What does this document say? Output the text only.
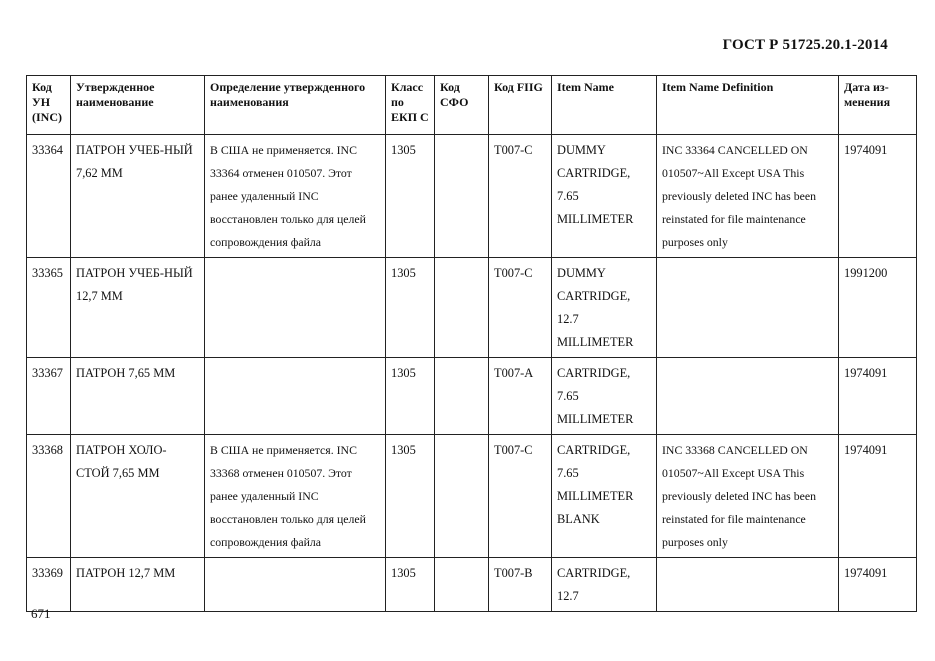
ГОСТ Р 51725.20.1-2014
Код УН (INC)	Утвержденное наименование	Определение утвержденного наименования	Класс по ЕКП С	Код СФО	Код FIIG	Item Name	Item Name Definition	Дата из-менения
33364	ПАТРОН УЧЕБ-НЫЙ 7,62 ММ	В США не применяется. INC 33364 отменен 010507. Этот ранее удаленный INC восстановлен только для целей сопровождения файла	1305		T007-C	DUMMY CARTRIDGE, 7.65 MILLIMETER	INC 33364 CANCELLED ON 010507~All Except USA This previously deleted INC has been reinstated for file maintenance purposes only	1974091
33365	ПАТРОН УЧЕБ-НЫЙ 12,7 ММ		1305		T007-C	DUMMY CARTRIDGE, 12.7 MILLIMETER		1991200
33367	ПАТРОН 7,65 ММ		1305		T007-A	CARTRIDGE, 7.65 MILLIMETER		1974091
33368	ПАТРОН ХОЛО-СТОЙ 7,65 ММ	В США не применяется. INC 33368 отменен 010507. Этот ранее удаленный INC восстановлен только для целей сопровождения файла	1305		T007-C	CARTRIDGE, 7.65 MILLIMETER BLANK	INC 33368 CANCELLED ON 010507~All Except USA This previously deleted INC has been reinstated for file maintenance purposes only	1974091
33369	ПАТРОН 12,7 ММ		1305		T007-B	CARTRIDGE, 12.7		1974091
671
